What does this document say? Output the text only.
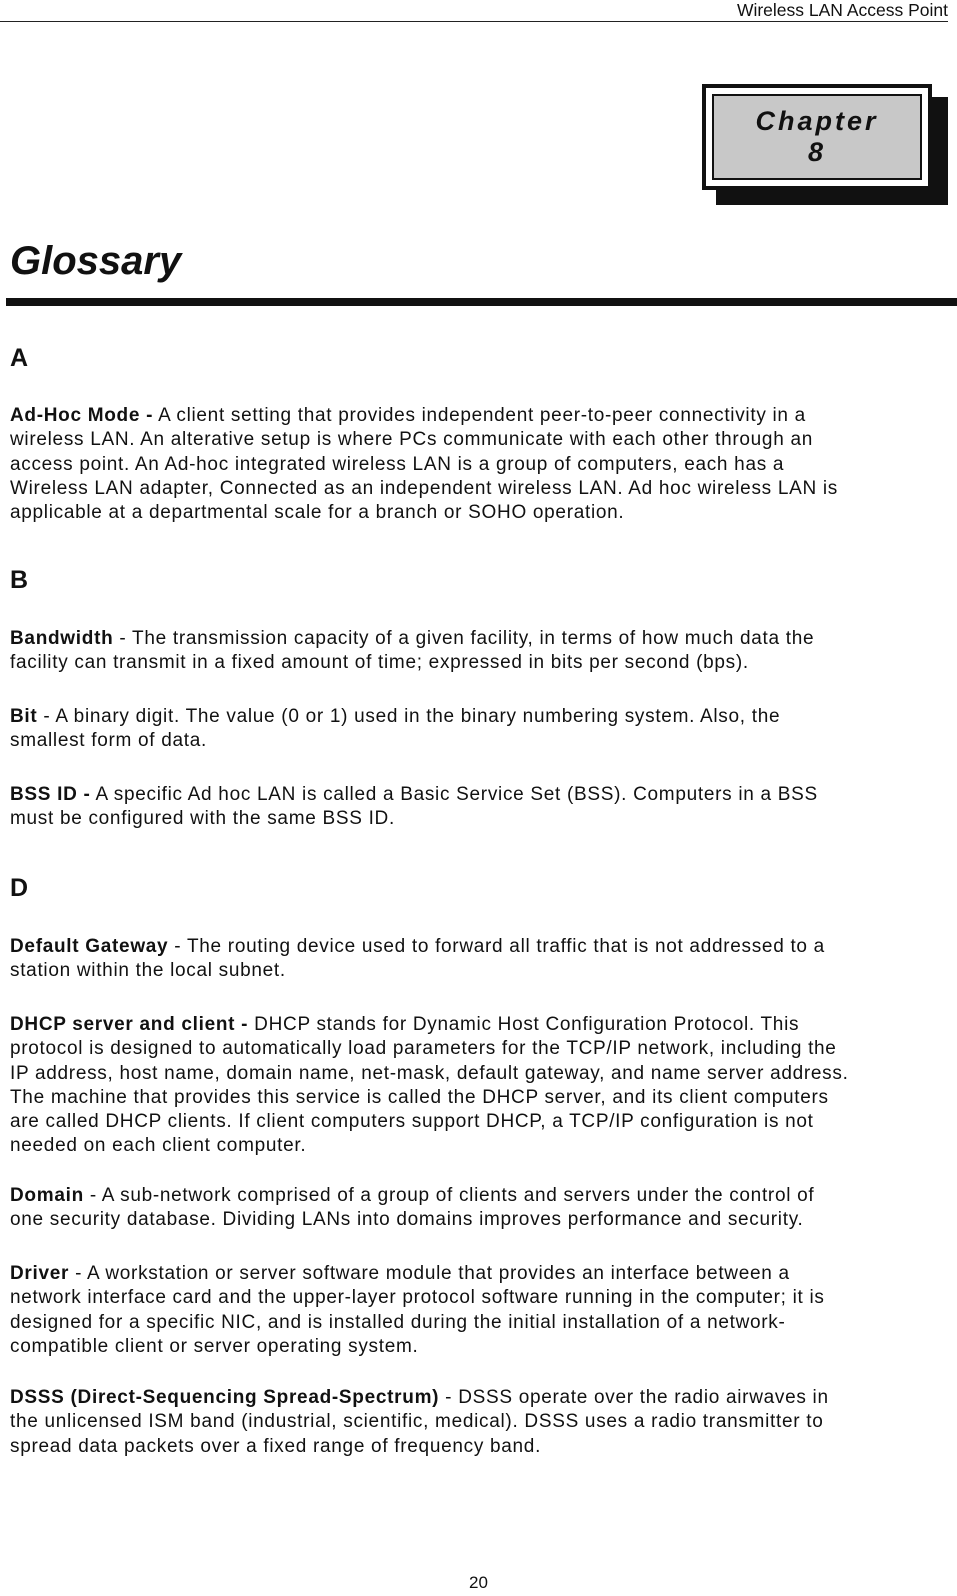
Wireless LAN Access Point
Chapter
8
Glossary
A
Ad-Hoc Mode - A client setting that provides independent peer-to-peer connectivity in a
wireless LAN. An alterative setup is where PCs communicate with each other through an
access point. An Ad-hoc integrated wireless LAN is a group of computers, each has a
Wireless LAN adapter, Connected as an independent wireless LAN. Ad hoc wireless LAN is
applicable at a departmental scale for a branch or SOHO operation.
B
Bandwidth - The transmission capacity of a given facility, in terms of how much data the
facility can transmit in a fixed amount of time; expressed in bits per second (bps).
Bit - A binary digit. The value (0 or 1) used in the binary numbering system. Also, the
smallest form of data.
BSS ID - A specific Ad hoc LAN is called a Basic Service Set (BSS). Computers in a BSS
must be configured with the same BSS ID.
D
Default Gateway - The routing device used to forward all traffic that is not addressed to a
station within the local subnet.
DHCP server and client - DHCP stands for Dynamic Host Configuration Protocol. This
protocol is designed to automatically load parameters for the TCP/IP network, including the
IP address, host name, domain name, net-mask, default gateway, and name server address.
The machine that provides this service is called the DHCP server, and its client computers
are called DHCP clients. If client computers support DHCP, a TCP/IP configuration is not
needed on each client computer.
Domain - A sub-network comprised of a group of clients and servers under the control of
one security database. Dividing LANs into domains improves performance and security.
Driver - A workstation or server software module that provides an interface between a
network interface card and the upper-layer protocol software running in the computer; it is
designed for a specific NIC, and is installed during the initial installation of a network-
compatible client or server operating system.
DSSS (Direct-Sequencing Spread-Spectrum) - DSSS operate over the radio airwaves in
the unlicensed ISM band (industrial, scientific, medical). DSSS uses a radio transmitter to
spread data packets over a fixed range of frequency band.
20
